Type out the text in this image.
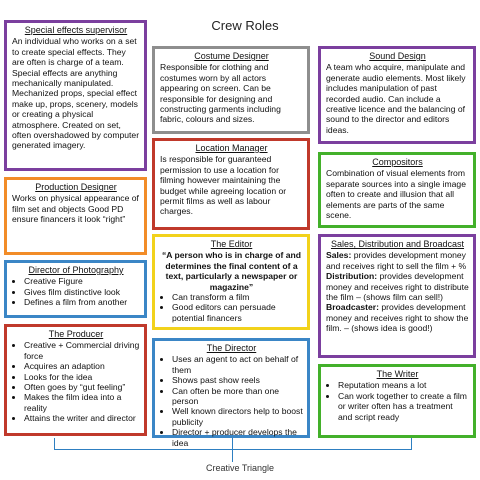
Crew Roles
Special effects supervisor

An individual who works on a set to create special effects. They are often is charge of a team. Special effects are anything mechanically manipulated. Mechanized props, special effect make up, props, scenery, models or creating a physical atmosphere. Created on set, often overshadowed by computer generated imagery.

Costume Designer

Responsible for clothing and costumes worn by all actors appearing on screen. Can be responsible for designing and constructing garments including fabric, colours and sizes.

Sound Design

A team who acquire, manipulate and generate audio elements. Most likely includes manipulation of past recorded audio. Can include a creative licence and the balancing of sound to the director and editors ideas.

Location Manager

Is responsible for guaranteed permission to use a location for filming however maintaining the budget while agreeing location or permit films as well as labour charges.

Compositors

Combination of visual elements from separate sources into a single image often to create and illusion that all elements are parts of the same scene.

Production Designer

Works on physical appearance of film set and objects Good PD ensure financers it look “right”

The Editor

“A person who is in charge of and determines the final content of a text, particularly a newspaper or magazine”

• Can transform a film
• Good editors can persuade potential financers
Sales, Distribution and Broadcast

Sales: provides development money and receives right to sell the film + %

Distribution: provides development money and receives right to distribute the film – (shows film can sell!)

Broadcaster: provides development money and receives right to show the film. – (shows idea is good!)

Director of Photography
• Creative Figure
• Gives film distinctive look
• Defines a film from another
The Producer
• Creative + Commercial driving force
• Acquires an adaption
• Looks for the idea
• Often goes by “gut feeling”
• Makes the film idea into a reality
• Attains the writer and director
The Director
• Uses an agent to act on behalf of them
• Shows past show reels
• Can often be more than one person
• Well known directors help to boost publicity
• Director + producer develops the idea
The Writer
• Reputation means a lot
• Can work together to create a film or writer often has a treatment and script ready
Creative Triangle
